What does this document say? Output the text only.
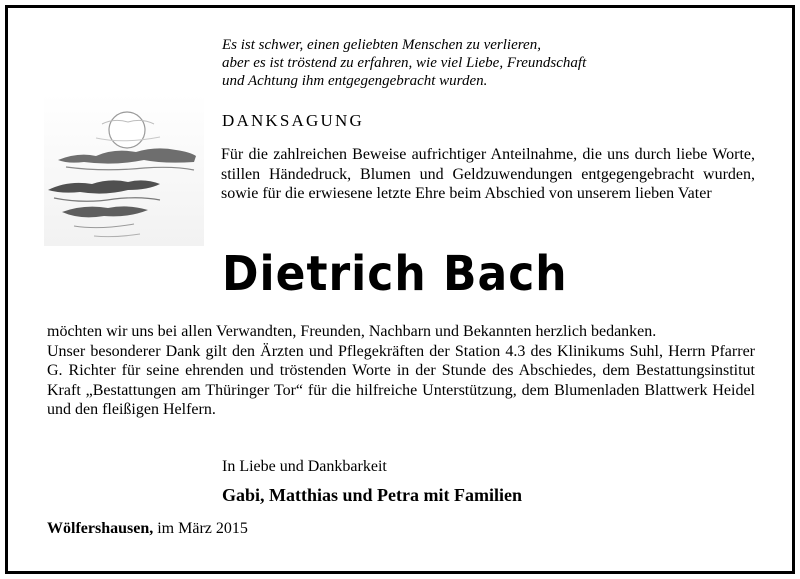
Es ist schwer, einen geliebten Menschen zu verlieren,
aber es ist tröstend zu erfahren, wie viel Liebe, Freundschaft
und Achtung ihm entgegengebracht wurden.
DANKSAGUNG
Für die zahlreichen Beweise aufrichtiger Anteilnahme, die uns durch liebe Worte, stillen Händedruck, Blumen und Geldzuwendungen entgegengebracht wurden, sowie für die erwiesene letzte Ehre beim Abschied von unserem lieben Vater
Dietrich Bach
möchten wir uns bei allen Verwandten, Freunden, Nachbarn und Bekannten herzlich bedanken.
Unser besonderer Dank gilt den Ärzten und Pflegekräften der Station 4.3 des Klinikums Suhl, Herrn Pfarrer G. Richter für seine ehrenden und tröstenden Worte in der Stunde des Abschiedes, dem Bestattungsinstitut Kraft „Bestattungen am Thüringer Tor“ für die hilfreiche Unterstützung, dem Blumenladen Blattwerk Heidel und den fleißigen Helfern.
In Liebe und Dankbarkeit
Gabi, Matthias und Petra mit Familien
Wölfershausen, im März 2015
